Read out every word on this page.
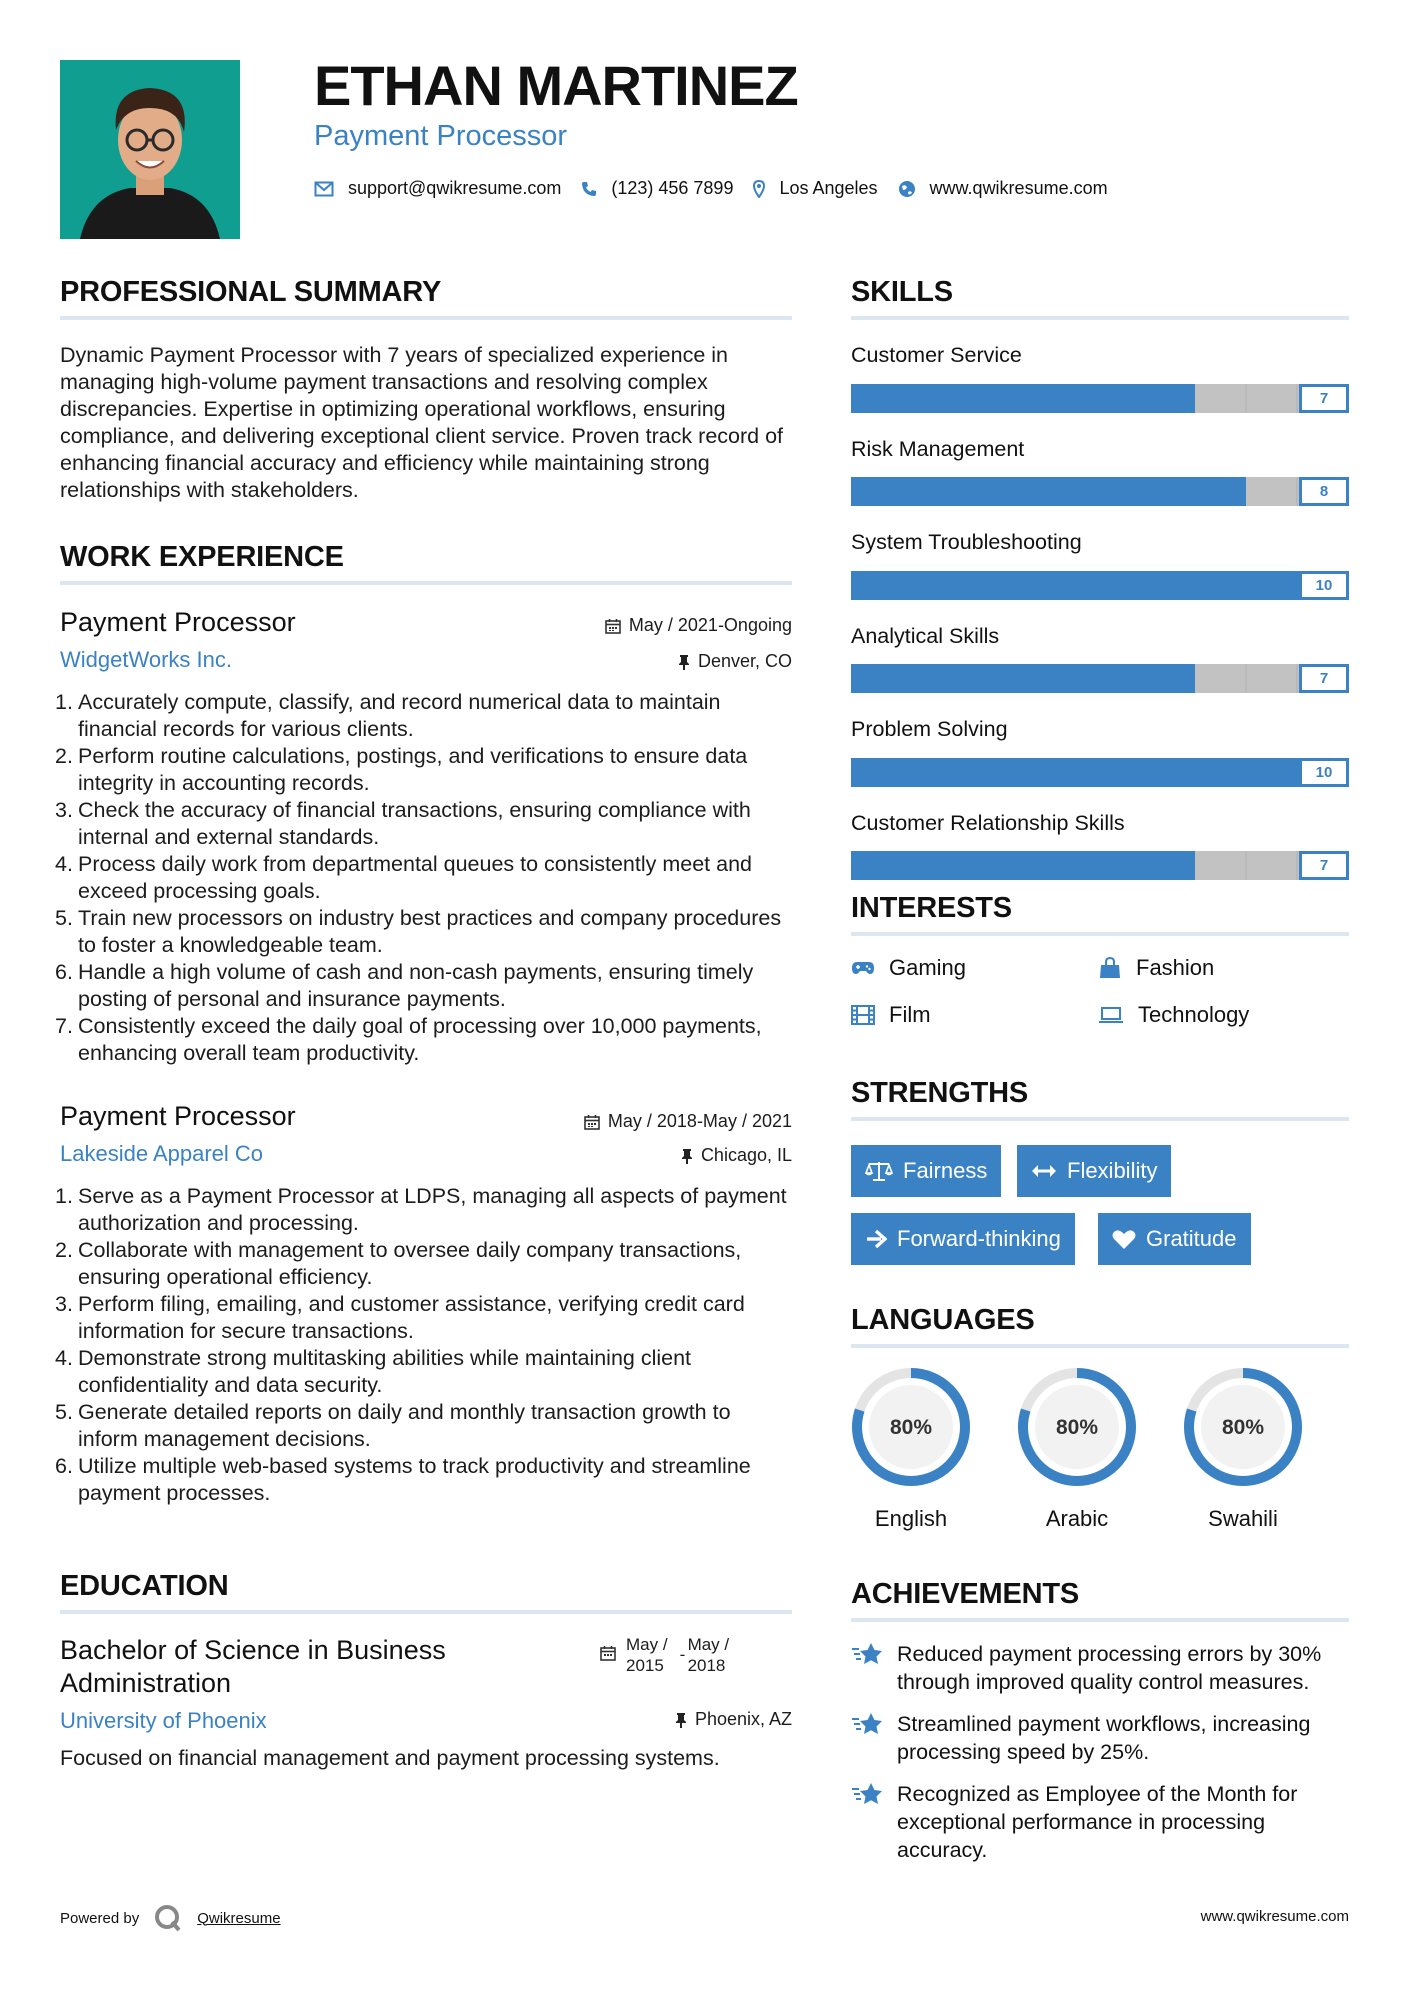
ETHAN MARTINEZ
Payment Processor
support@qwikresume.com	(123) 456 7899	Los Angeles	www.qwikresume.com
PROFESSIONAL SUMMARY
Dynamic Payment Processor with 7 years of specialized experience in managing high-volume payment transactions and resolving complex discrepancies. Expertise in optimizing operational workflows, ensuring compliance, and delivering exceptional client service. Proven track record of enhancing financial accuracy and efficiency while maintaining strong relationships with stakeholders.
WORK EXPERIENCE
Payment Processor	May / 2021-Ongoing
WidgetWorks Inc.	Denver, CO
Accurately compute, classify, and record numerical data to maintain financial records for various clients.
Perform routine calculations, postings, and verifications to ensure data integrity in accounting records.
Check the accuracy of financial transactions, ensuring compliance with internal and external standards.
Process daily work from departmental queues to consistently meet and exceed processing goals.
Train new processors on industry best practices and company procedures to foster a knowledgeable team.
Handle a high volume of cash and non-cash payments, ensuring timely posting of personal and insurance payments.
Consistently exceed the daily goal of processing over 10,000 payments, enhancing overall team productivity.
Payment Processor	May / 2018-May / 2021
Lakeside Apparel Co	Chicago, IL
Serve as a Payment Processor at LDPS, managing all aspects of payment authorization and processing.
Collaborate with management to oversee daily company transactions, ensuring operational efficiency.
Perform filing, emailing, and customer assistance, verifying credit card information for secure transactions.
Demonstrate strong multitasking abilities while maintaining client confidentiality and data security.
Generate detailed reports on daily and monthly transaction growth to inform management decisions.
Utilize multiple web-based systems to track productivity and streamline payment processes.
EDUCATION
Bachelor of Science in Business
Administration
May /
2015
-
May /
2018
University of Phoenix	Phoenix, AZ
Focused on financial management and payment processing systems.
SKILLS
Customer Service
7
Risk Management
8
System Troubleshooting
10
Analytical Skills
7
Problem Solving
10
Customer Relationship Skills
7
INTERESTS
Gaming	Fashion
Film	Technology
STRENGTHS
Fairness	Flexibility
Forward-thinking	Gratitude
LANGUAGES
80%
English
80%
Arabic
80%
Swahili
ACHIEVEMENTS
Reduced payment processing errors by 30% through improved quality control measures.
Streamlined payment workflows, increasing processing speed by 25%.
Recognized as Employee of the Month for exceptional performance in processing accuracy.
Powered by	Qwikresume	www.qwikresume.com
